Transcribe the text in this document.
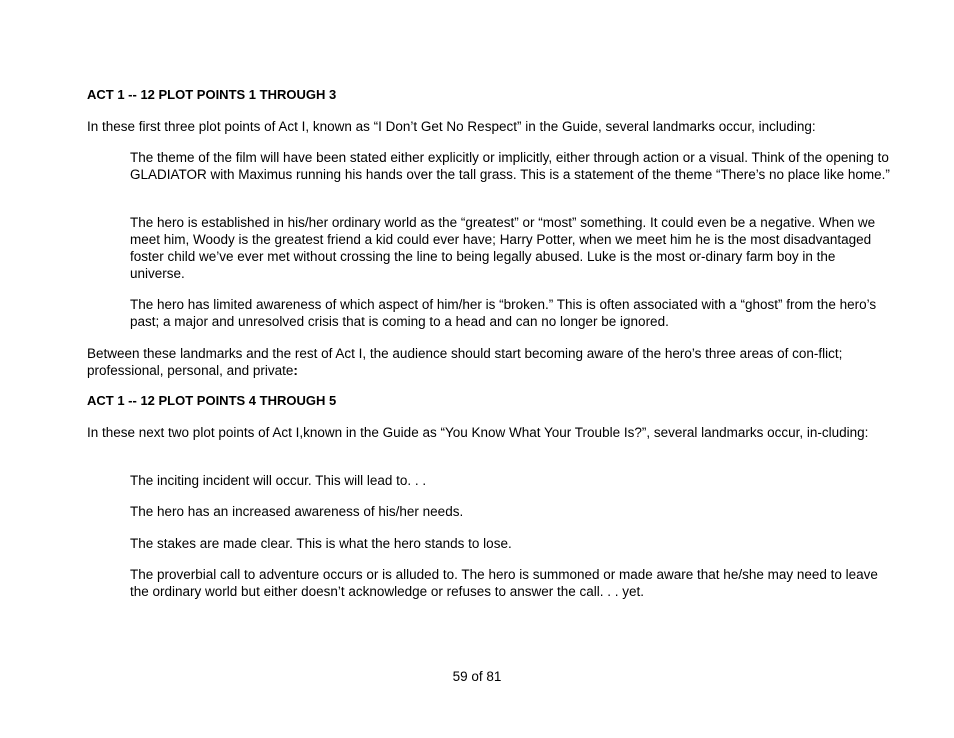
ACT 1 -- 12 PLOT POINTS 1 THROUGH 3
In these first three plot points of Act I, known as “I Don’t Get No Respect” in the Guide, several landmarks occur, including:
The theme of the film will have been stated either explicitly or implicitly, either through action or a visual. Think of the opening to GLADIATOR with Maximus running his hands over the tall grass. This is a statement of the theme “There’s no place like home.”
The hero is established in his/her ordinary world as the “greatest” or “most” something. It could even be a negative. When we meet him, Woody is the greatest friend a kid could ever have; Harry Potter, when we meet him he is the most disadvantaged foster child we’ve ever met without crossing the line to being legally abused. Luke is the most or-dinary farm boy in the universe.
The hero has limited awareness of which aspect of him/her is “broken.” This is often associated with a “ghost” from the hero’s past; a major and unresolved crisis that is coming to a head and can no longer be ignored.
Between these landmarks and the rest of Act I, the audience should start becoming aware of the hero’s three areas of con-flict; professional, personal, and private:
ACT 1 -- 12 PLOT POINTS 4 THROUGH 5
In these next two plot points of Act I,known in the Guide as “You Know What Your Trouble Is?”, several landmarks occur, in-cluding:
The inciting incident will occur. This will lead to. . .
The hero has an increased awareness of his/her needs.
The stakes are made clear. This is what the hero stands to lose.
The proverbial call to adventure occurs or is alluded to. The hero is summoned or made aware that he/she may need to leave the ordinary world but either doesn’t acknowledge or refuses to answer the call. . . yet.
59 of 81
